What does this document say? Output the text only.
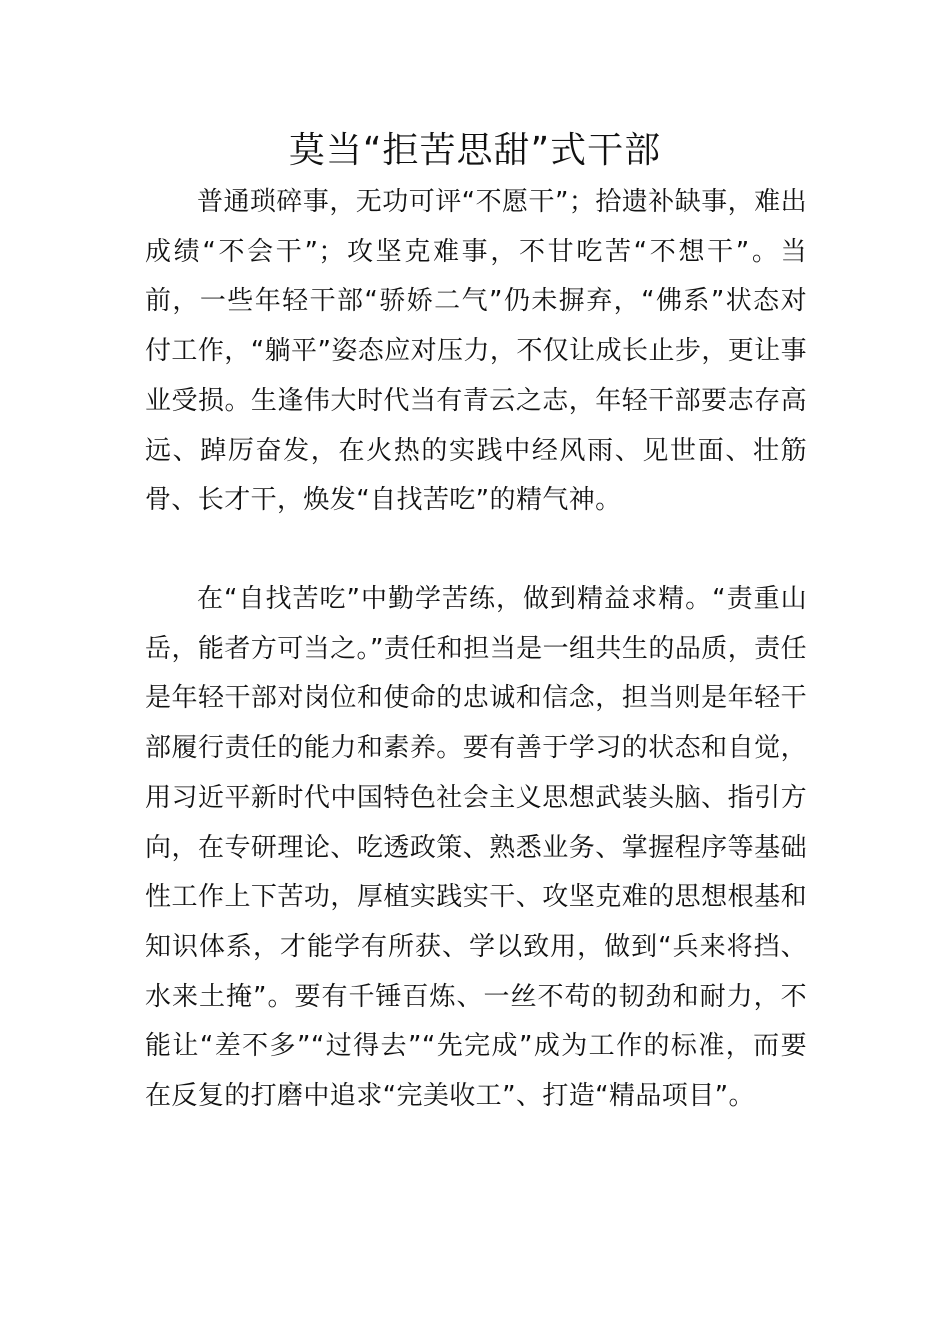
莫当“拒苦思甜”式干部

普通琐碎事，无功可评“不愿干”；拾遗补缺事，难出成绩“不会干”；攻坚克难事，不甘吃苦“不想干”。当前，一些年轻干部“骄娇二气”仍未摒弃，“佛系”状态对付工作，“躺平”姿态应对压力，不仅让成长止步，更让事业受损。生逢伟大时代当有青云之志，年轻干部要志存高远、踔厉奋发，在火热的实践中经风雨、见世面、壮筋骨、长才干，焕发“自找苦吃”的精气神。

在“自找苦吃”中勤学苦练，做到精益求精。“责重山岳，能者方可当之。”责任和担当是一组共生的品质，责任是年轻干部对岗位和使命的忠诚和信念，担当则是年轻干部履行责任的能力和素养。要有善于学习的状态和自觉，用习近平新时代中国特色社会主义思想武装头脑、指引方向，在专研理论、吃透政策、熟悉业务、掌握程序等基础性工作上下苦功，厚植实践实干、攻坚克难的思想根基和知识体系，才能学有所获、学以致用，做到“兵来将挡、水来土掩”。要有千锤百炼、一丝不苟的韧劲和耐力，不能让“差不多”“过得去”“先完成”成为工作的标准，而要在反复的打磨中追求“完美收工”、打造“精品项目”。
